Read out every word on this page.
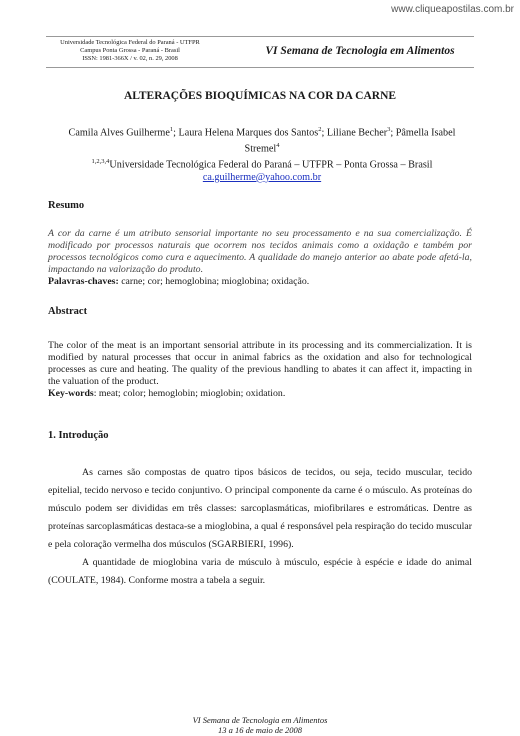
www.cliqueapostilas.com.br
Universidade Tecnológica Federal do Paraná - UTFPR
Campus Ponta Grossa - Paraná - Brasil
ISSN: 1981-366X / v. 02, n. 29, 2008
VI Semana de Tecnologia em Alimentos
ALTERAÇÕES BIOQUÍMICAS NA COR DA CARNE
Camila Alves Guilherme$^1$; Laura Helena Marques dos Santos$^2$; Liliane Becher$^3$; Pâmella Isabel Stremel$^4$
$^{1,2,3,4}$Universidade Tecnológica Federal do Paraná – UTFPR – Ponta Grossa – Brasil
ca.guilherme@yahoo.com.br
Resumo
A cor da carne é um atributo sensorial importante no seu processamento e na sua comercialização. É modificado por processos naturais que ocorrem nos tecidos animais como a oxidação e também por processos tecnológicos como cura e aquecimento. A qualidade do manejo anterior ao abate pode afetá-la, impactando na valorização do produto.
Palavras-chaves: carne; cor; hemoglobina; mioglobina; oxidação.
Abstract
The color of the meat is an important sensorial attribute in its processing and its commercialization. It is modified by natural processes that occur in animal fabrics as the oxidation and also for technological processes as cure and heating. The quality of the previous handling to abates it can affect it, impacting in the valuation of the product.
Key-words: meat; color; hemoglobin; mioglobin; oxidation.
1. Introdução

As carnes são compostas de quatro tipos básicos de tecidos, ou seja, tecido muscular, tecido epitelial, tecido nervoso e tecido conjuntivo. O principal componente da carne é o músculo. As proteínas do músculo podem ser divididas em três classes: sarcoplasmáticas, miofibrilares e estromáticas. Dentre as proteínas sarcoplasmáticas destaca-se a mioglobina, a qual é responsável pela respiração do tecido muscular e pela coloração vermelha dos músculos (SGARBIERI, 1996).

A quantidade de mioglobina varia de músculo à músculo, espécie à espécie e idade do animal (COULATE, 1984). Conforme mostra a tabela a seguir.

VI Semana de Tecnologia em Alimentos
13 a 16 de maio de 2008
